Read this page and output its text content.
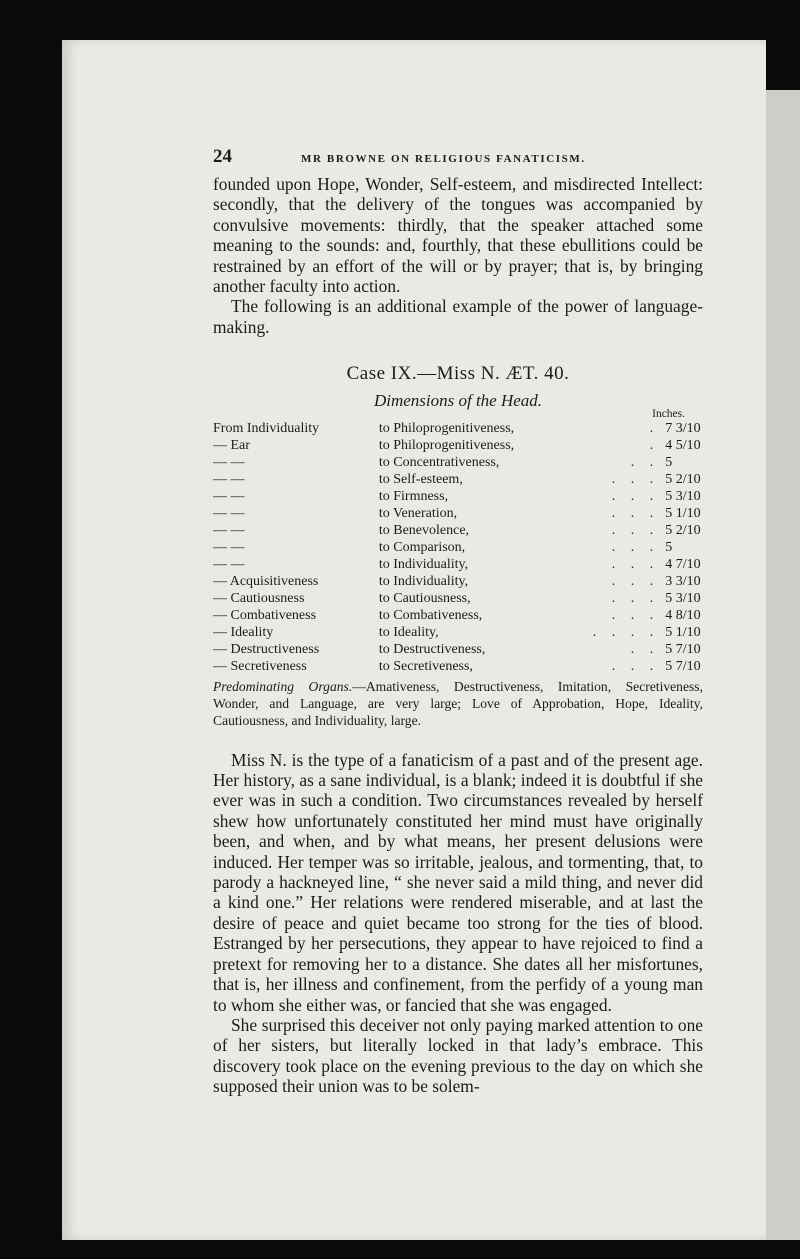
24	MR BROWNE ON RELIGIOUS FANATICISM.

founded upon Hope, Wonder, Self-esteem, and misdirected Intellect: secondly, that the delivery of the tongues was accompanied by convulsive movements: thirdly, that the speaker attached some meaning to the sounds: and, fourthly, that these ebullitions could be restrained by an effort of the will or by prayer; that is, by bringing another faculty into action.

The following is an additional example of the power of language-making.

Case IX.—Miss N. ÆT. 40.
Dimensions of the Head.
Inches.
From Individuality	to Philoprogenitiveness,	.	7 3/10
— Ear	to Philoprogenitiveness,	.	4 5/10
— —	to Concentrativeness,	. .	5
— —	to Self-esteem,	. . .	5 2/10
— —	to Firmness,	. . .	5 3/10
— —	to Veneration,	. . .	5 1/10
— —	to Benevolence,	. . .	5 2/10
— —	to Comparison,	. . .	5
— —	to Individuality,	. . .	4 7/10
— Acquisitiveness	to Individuality,	. . .	3 3/10
— Cautiousness	to Cautiousness,	. . .	5 3/10
— Combativeness	to Combativeness,	. . .	4 8/10
— Ideality	to Ideality,	. . . .	5 1/10
— Destructiveness	to Destructiveness,	. .	5 7/10
— Secretiveness	to Secretiveness,	. . .	5 7/10
Predominating Organs.—Amativeness, Destructiveness, Imitation, Secretiveness, Wonder, and Language, are very large; Love of Approbation, Hope, Ideality, Cautiousness, and Individuality, large.

Miss N. is the type of a fanaticism of a past and of the present age. Her history, as a sane individual, is a blank; indeed it is doubtful if she ever was in such a condition. Two circumstances revealed by herself shew how unfortunately constituted her mind must have originally been, and when, and by what means, her present delusions were induced. Her temper was so irritable, jealous, and tormenting, that, to parody a hackneyed line, “ she never said a mild thing, and never did a kind one.” Her relations were rendered miserable, and at last the desire of peace and quiet became too strong for the ties of blood. Estranged by her persecutions, they appear to have rejoiced to find a pretext for removing her to a distance. She dates all her misfortunes, that is, her illness and confinement, from the perfidy of a young man to whom she either was, or fancied that she was engaged.

She surprised this deceiver not only paying marked attention to one of her sisters, but literally locked in that lady’s embrace. This discovery took place on the evening previous to the day on which she supposed their union was to be solem-
